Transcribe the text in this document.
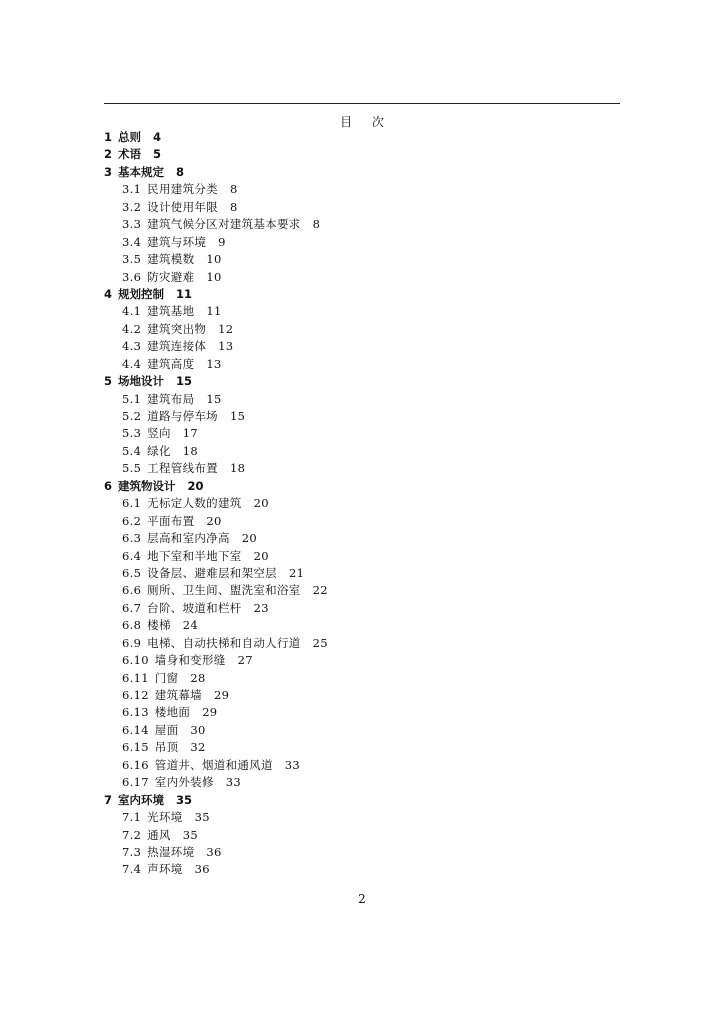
目 次
1 总则 4
2 术语 5
3 基本规定 8
3.1 民用建筑分类 8
3.2 设计使用年限 8
3.3 建筑气候分区对建筑基本要求 8
3.4 建筑与环境 9
3.5 建筑模数 10
3.6 防灾避难 10
4 规划控制 11
4.1 建筑基地 11
4.2 建筑突出物 12
4.3 建筑连接体 13
4.4 建筑高度 13
5 场地设计 15
5.1 建筑布局 15
5.2 道路与停车场 15
5.3 竖向 17
5.4 绿化 18
5.5 工程管线布置 18
6 建筑物设计 20
6.1 无标定人数的建筑 20
6.2 平面布置 20
6.3 层高和室内净高 20
6.4 地下室和半地下室 20
6.5 设备层、避难层和架空层 21
6.6 厕所、卫生间、盥洗室和浴室 22
6.7 台阶、坡道和栏杆 23
6.8 楼梯 24
6.9 电梯、自动扶梯和自动人行道 25
6.10 墙身和变形缝 27
6.11 门窗 28
6.12 建筑幕墙 29
6.13 楼地面 29
6.14 屋面 30
6.15 吊顶 32
6.16 管道井、烟道和通风道 33
6.17 室内外装修 33
7 室内环境 35
7.1 光环境 35
7.2 通风 35
7.3 热湿环境 36
7.4 声环境 36
2
